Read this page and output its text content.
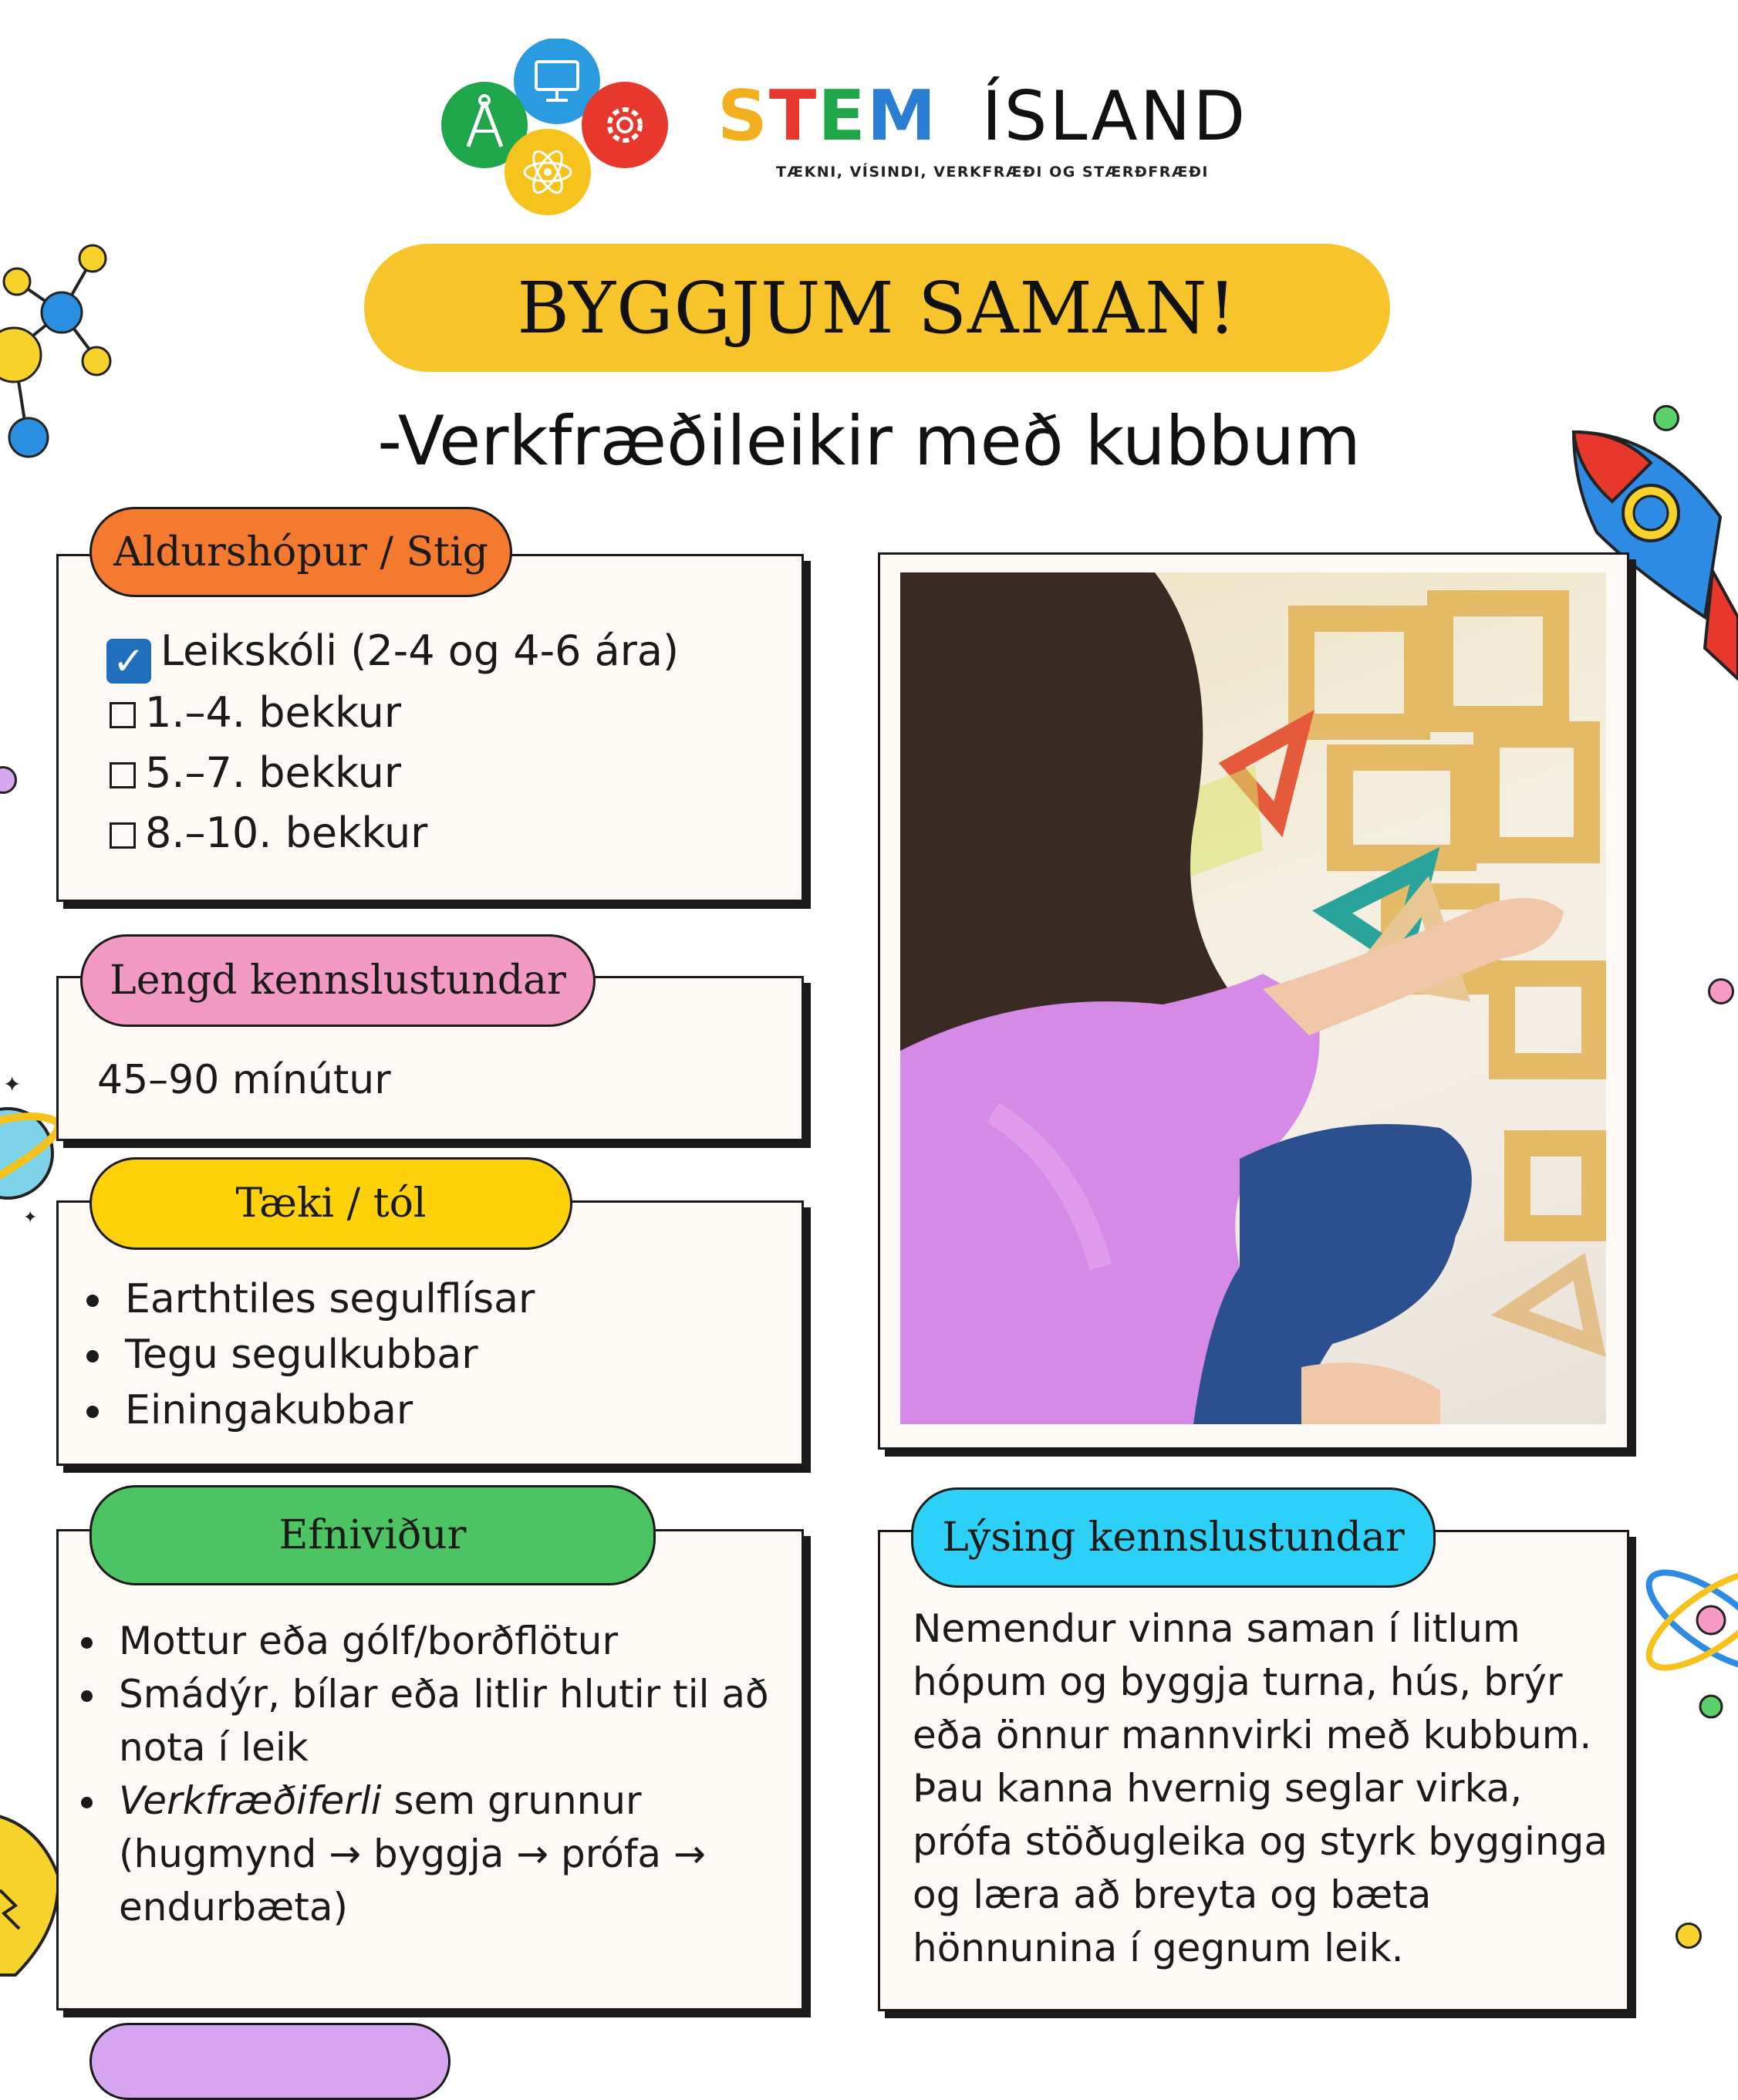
STEM ÍSLAND
TÆKNI, VÍSINDI, VERKFRÆÐI OG STÆRÐFRÆÐI
BYGGJUM SAMAN!
-Verkfræðileikir með kubbum
✦
✦
Aldurshópur / Stig
✓ Leikskóli (2-4 og 4-6 ára)
1.–4. bekkur
5.–7. bekkur
8.–10. bekkur
Lengd kennslustundar
45–90 mínútur
Tæki / tól
• Earthtiles segulflísar
• Tegu segulkubbar
• Einingakubbar
Efniviður
• Mottur eða gólf/borðflötur
• Smádýr, bílar eða litlir hlutir til að
nota í leik
• Verkfræðiferli sem grunnur
(hugmynd → byggja → prófa →
endurbæta)
Lýsing kennslustundar
Nemendur vinna saman í litlum
hópum og byggja turna, hús, brýr
eða önnur mannvirki með kubbum.
Þau kanna hvernig seglar virka,
prófa stöðugleika og styrk bygginga
og læra að breyta og bæta
hönnunina í gegnum leik.
